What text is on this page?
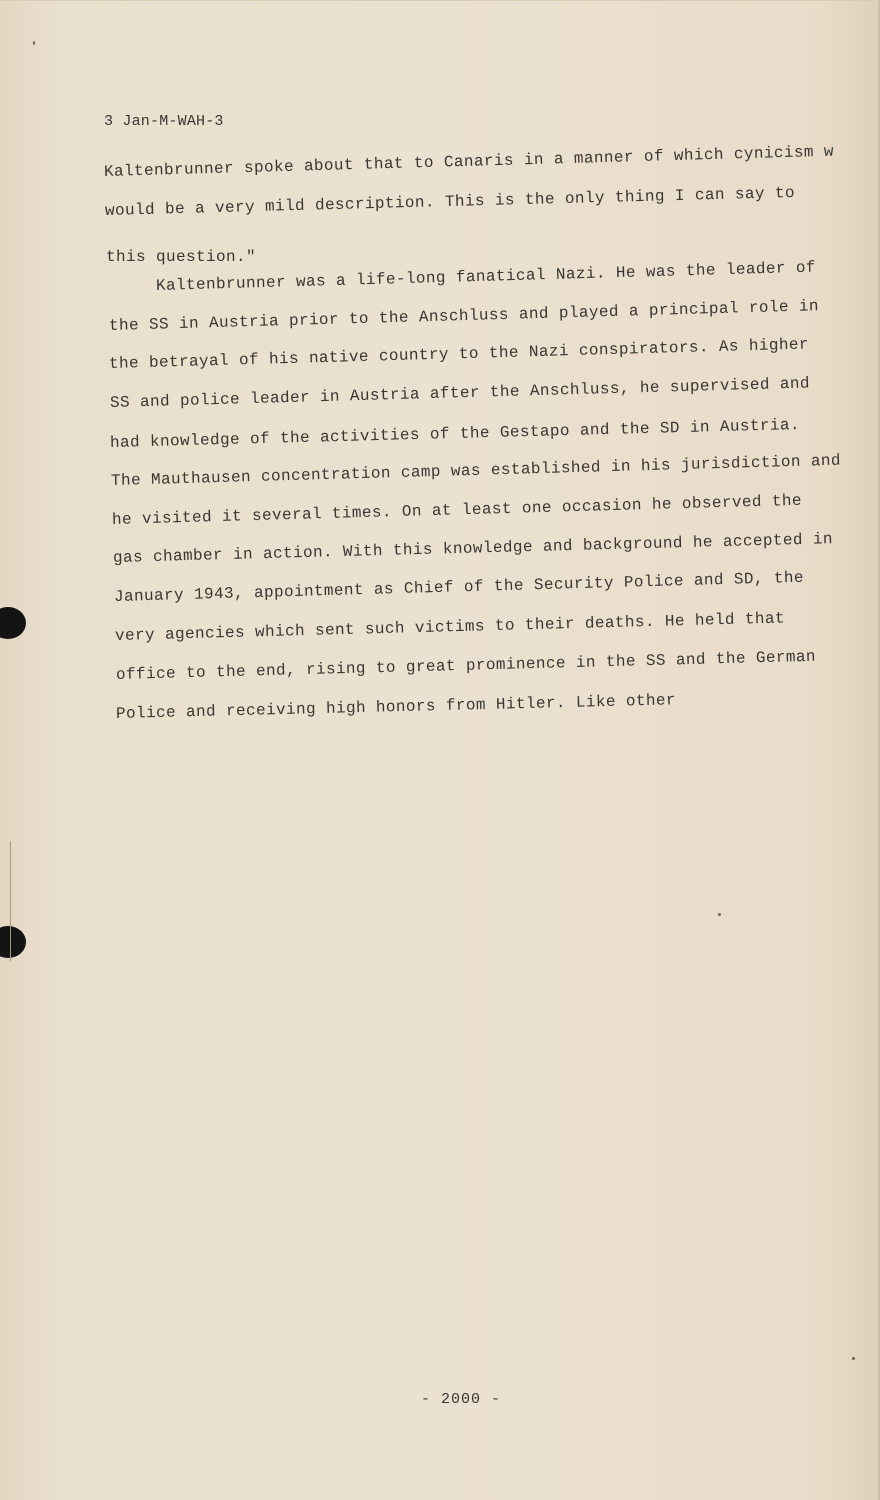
3 Jan-M-WAH-3
Kaltenbrunner spoke about that to Canaris in a manner of which cynicism w
would be a very mild description. This is the only thing I can say to
this question."
Kaltenbrunner was a life-long fanatical Nazi. He was the leader of
the SS in Austria prior to the Anschluss and played a principal role in
the betrayal of his native country to the Nazi conspirators. As higher
SS and police leader in Austria after the Anschluss, he supervised and
had knowledge of the activities of the Gestapo and the SD in Austria.
The Mauthausen concentration camp was established in his jurisdiction and
he visited it several times. On at least one occasion he observed the
gas chamber in action. With this knowledge and background he accepted in
January 1943, appointment as Chief of the Security Police and SD, the
very agencies which sent such victims to their deaths. He held that
office to the end, rising to great prominence in the SS and the German
Police and receiving high honors from Hitler. Like other
- 2000 -
